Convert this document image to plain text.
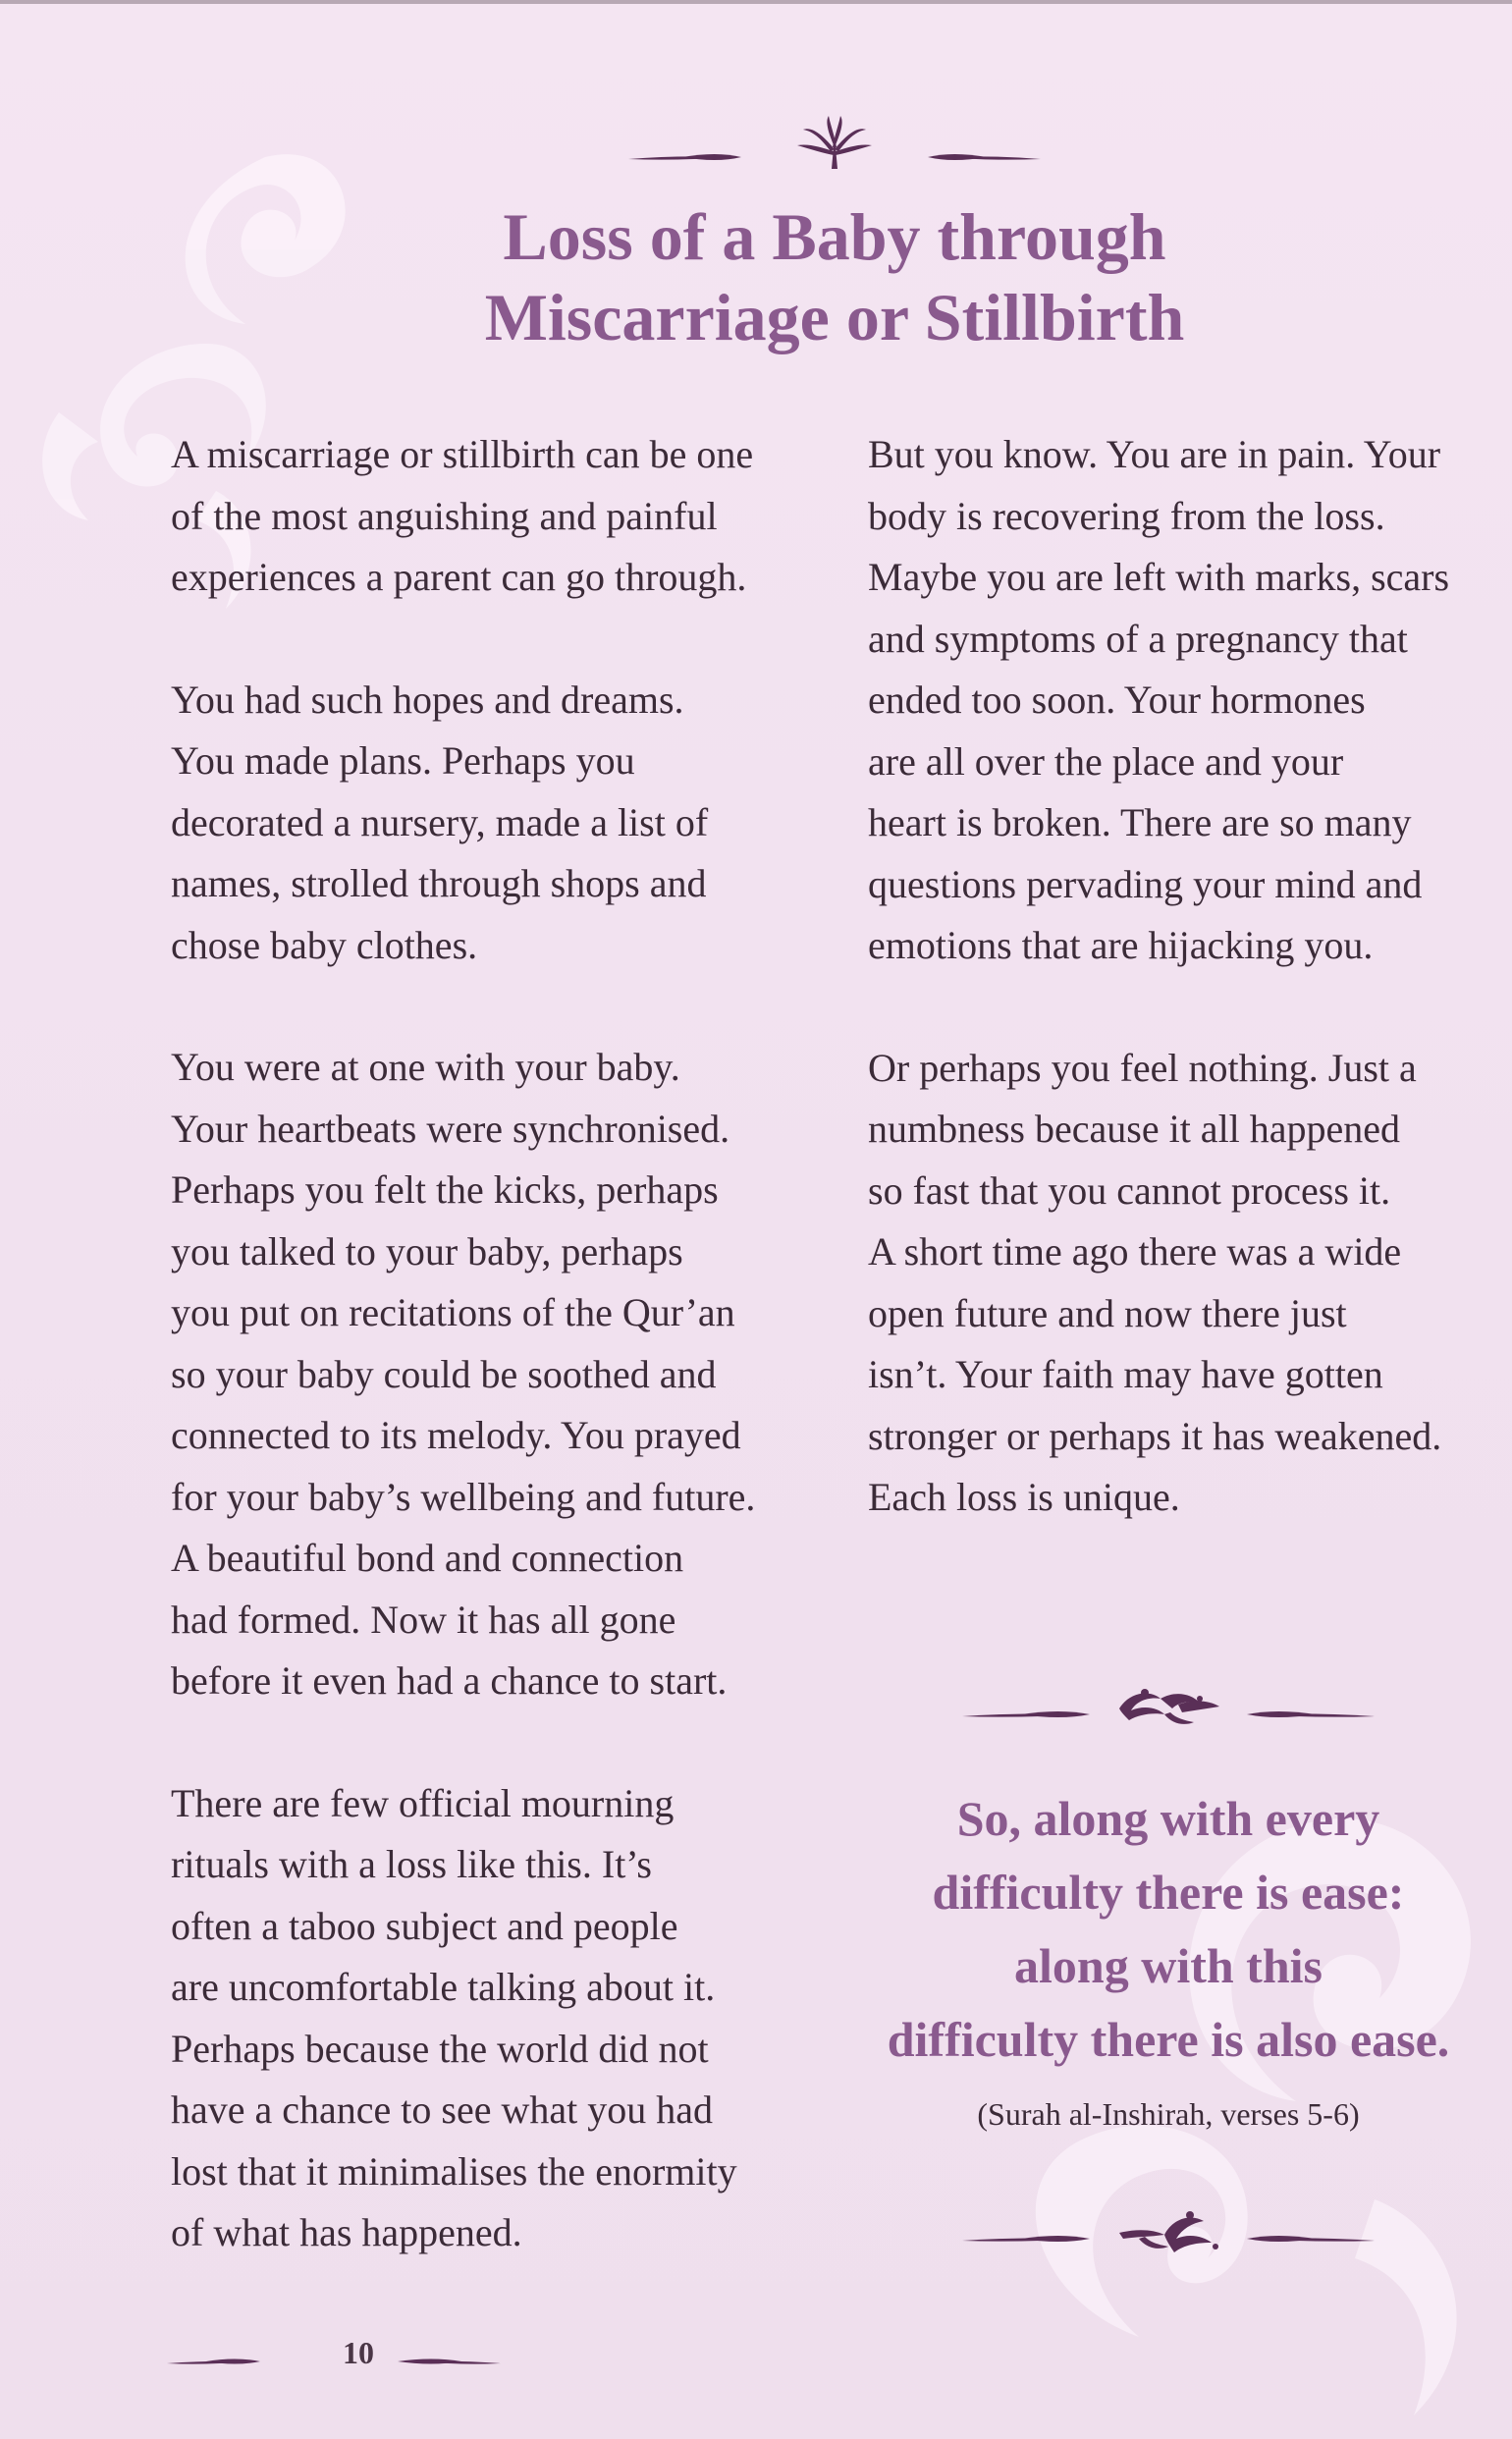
Loss of a Baby through
Miscarriage or Stillbirth

A miscarriage or stillbirth can be one
of the most anguishing and painful
experiences a parent can go through.

You had such hopes and dreams.
You made plans. Perhaps you
decorated a nursery, made a list of
names, strolled through shops and
chose baby clothes.

You were at one with your baby.
Your heartbeats were synchronised.
Perhaps you felt the kicks, perhaps
you talked to your baby, perhaps
you put on recitations of the Qur’an
so your baby could be soothed and
connected to its melody. You prayed
for your baby’s wellbeing and future.
A beautiful bond and connection
had formed. Now it has all gone
before it even had a chance to start.

There are few official mourning
rituals with a loss like this. It’s
often a taboo subject and people
are uncomfortable talking about it.
Perhaps because the world did not
have a chance to see what you had
lost that it minimalises the enormity
of what has happened.

But you know. You are in pain. Your
body is recovering from the loss.
Maybe you are left with marks, scars
and symptoms of a pregnancy that
ended too soon. Your hormones
are all over the place and your
heart is broken. There are so many
questions pervading your mind and
emotions that are hijacking you.

Or perhaps you feel nothing. Just a
numbness because it all happened
so fast that you cannot process it.
A short time ago there was a wide
open future and now there just
isn’t. Your faith may have gotten
stronger or perhaps it has weakened.
Each loss is unique.

So, along with every
difficulty there is ease:
along with this
difficulty there is also ease.
(Surah al-Inshirah, verses 5-6)
10
